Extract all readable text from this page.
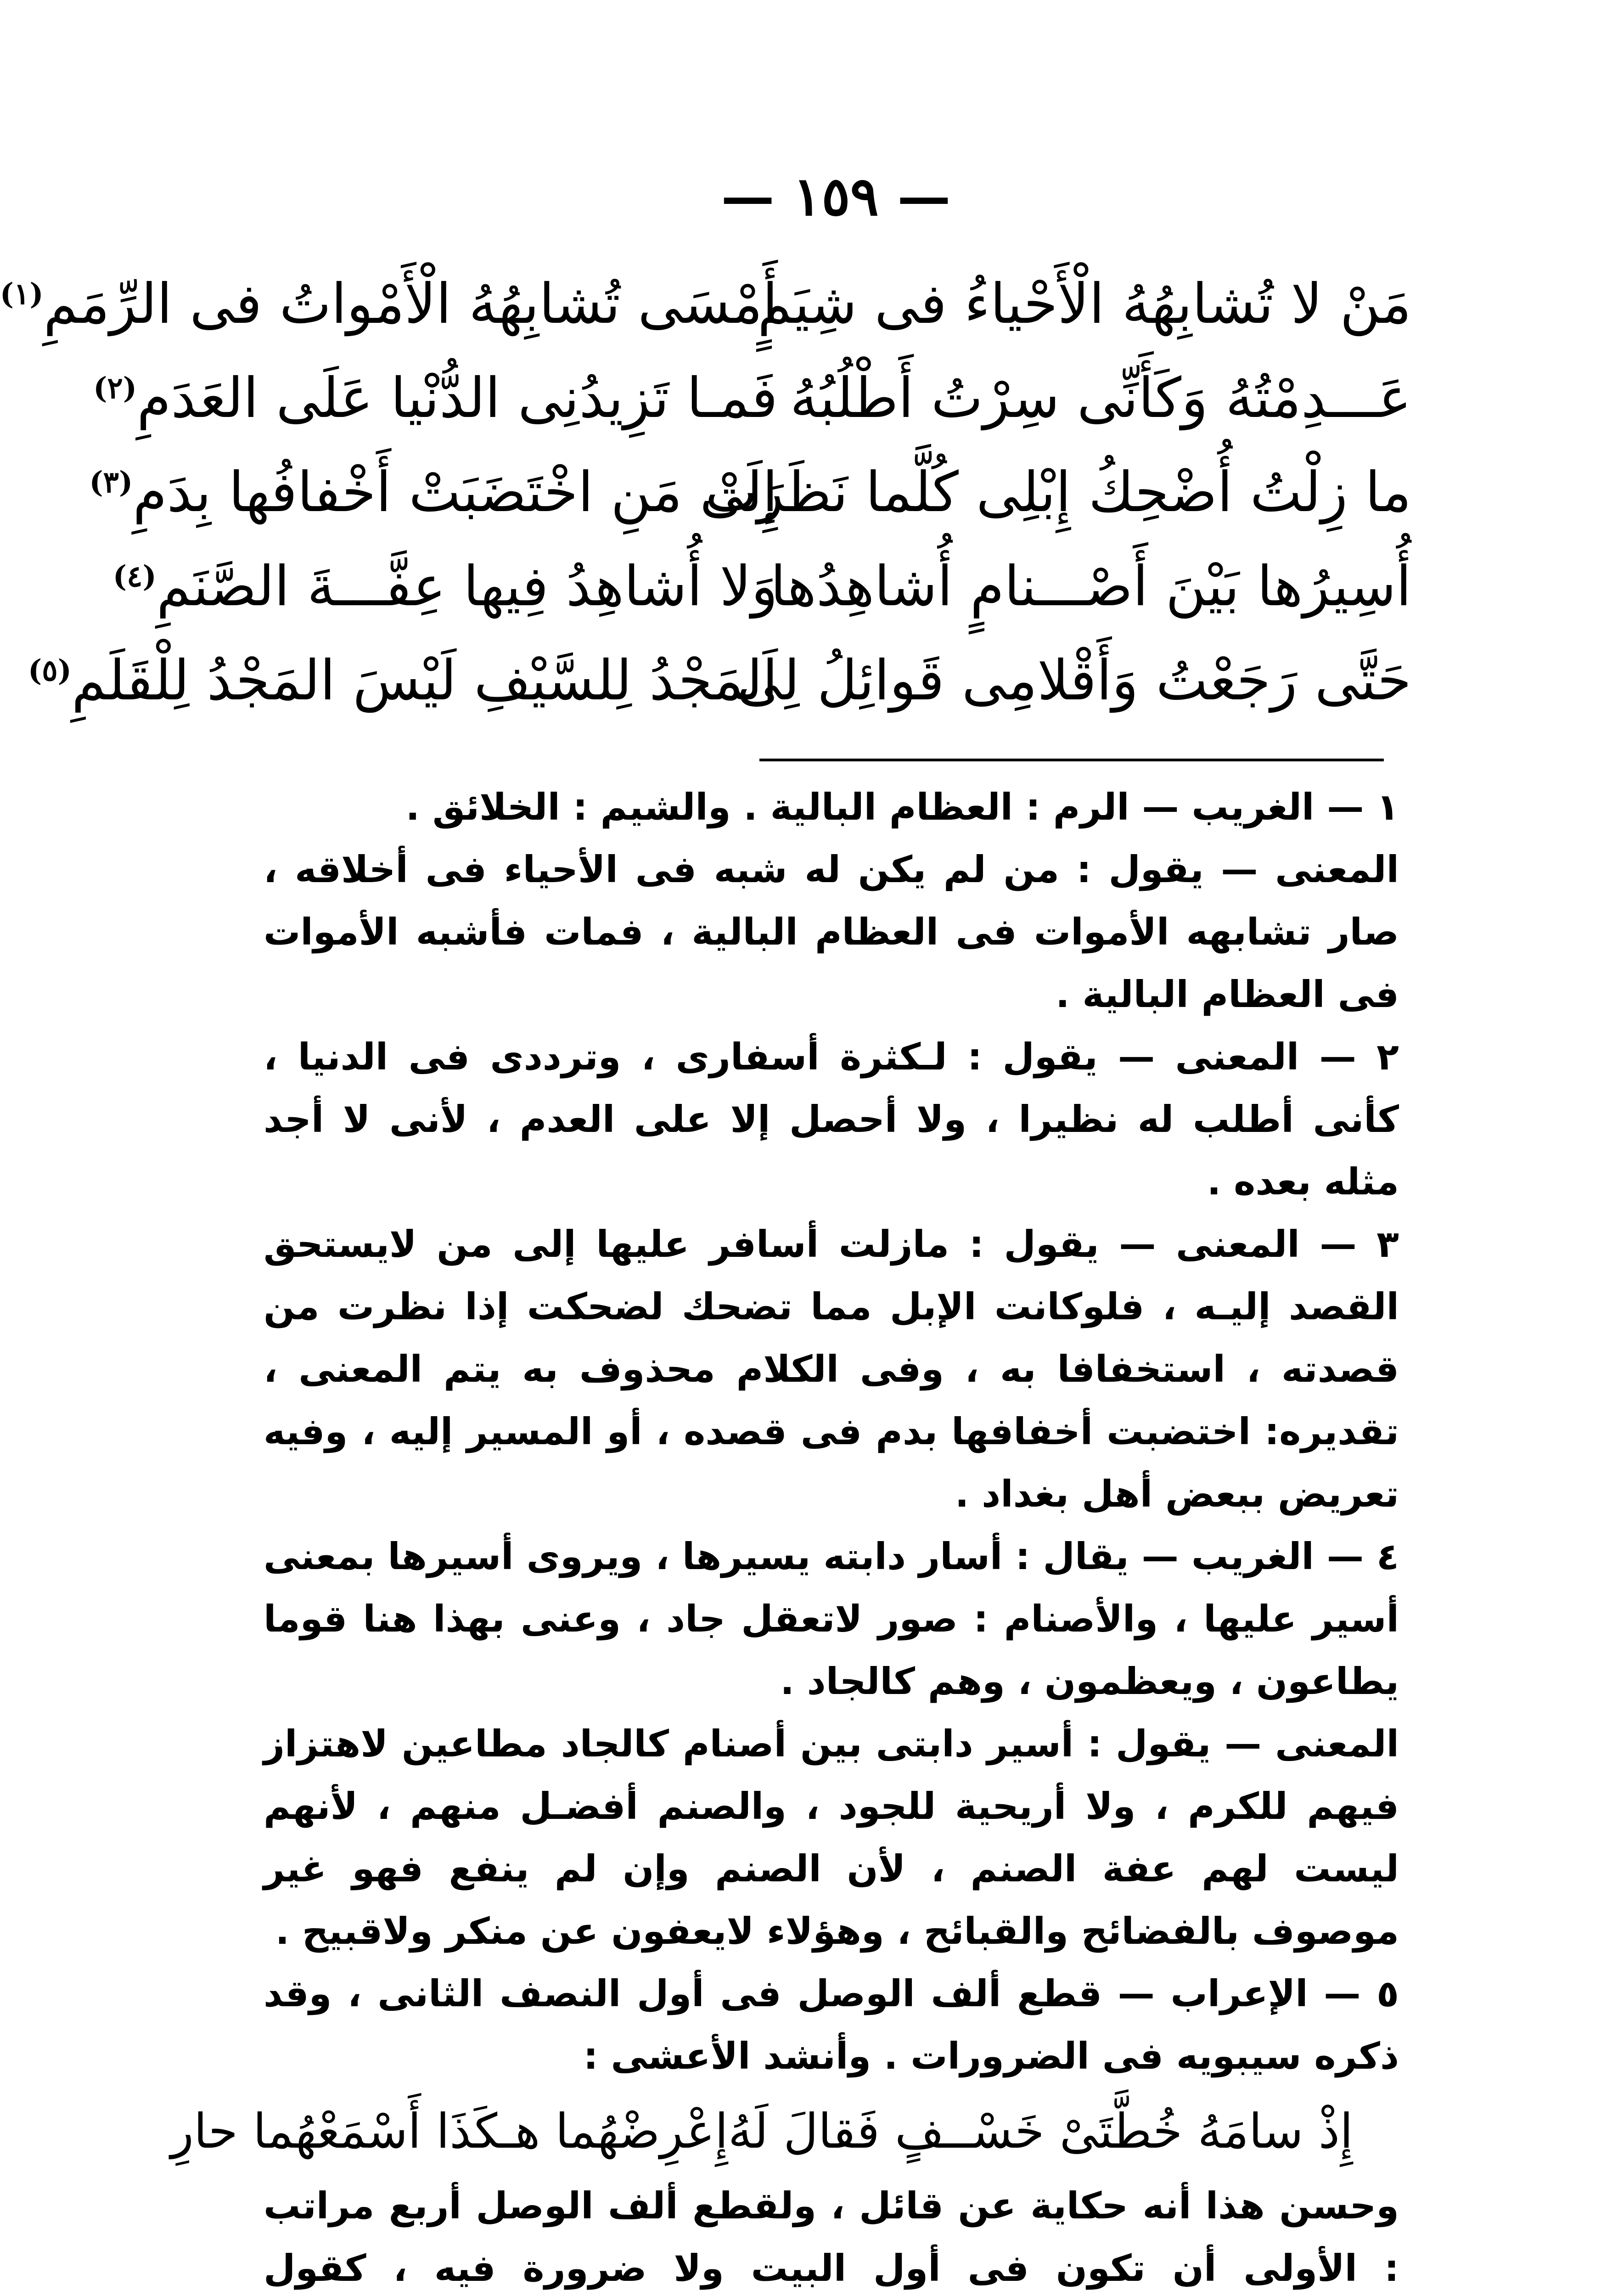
— ١٥٩ —
مَنْ لا تُشابِهُهُ الْأَحْياءُ فى شِيَمٍ
أَمْسَى تُشابِهُهُ الْأَمْواتُ فى الرِّمَمِ$^{(١)}$
عَـــدِمْتُهُ وَكَأَنِّى سِرْتُ أَطْلُبُهُ
فَمـا تَزِيدُنِى الدُّنْيا عَلَى العَدَمِ$^{(٢)}$
ما زِلْتُ أُضْحِكُ إِبْلِى كُلَّما نَظَرَتْ
إِلَى مَنِ اخْتَضَبَتْ أَخْفافُها بِدَمِ$^{(٣)}$
أُسِيرُها بَيْنَ أَصْـــنامٍ أُشاهِدُها
وَلا أُشاهِدُ فِيها عِفَّـــةَ الصَّنَمِ$^{(٤)}$
حَتَّى رَجَعْتُ وَأَقْلامِى قَوائِلُ لِى
اَلمَجْدُ لِلسَّيْفِ لَيْسَ المَجْدُ لِلْقَلَمِ$^{(٥)}$

١ — الغريب — الرم : العظام البالية . والشيم : الخلائق .

المعنى — يقول : من لم يكن له شبه فى الأحياء فى أخلاقه ، صار تشابهه الأموات فى العظام البالية ، فمات فأشبه الأموات فى العظام البالية .

٢ — المعنى — يقول : لـكثرة أسفارى ، وترددى فى الدنيا ، كأنى أطلب له نظيرا ، ولا أحصل إلا على العدم ، لأنى لا أجد مثله بعده .

٣ — المعنى — يقول : مازلت أسافر عليها إلى من لايستحق القصد إليـه ، فلوكانت الإبل مما تضحك لضحكت إذا نظرت من قصدته ، استخفافا به ، وفى الكلام محذوف به يتم المعنى ، تقديره: اختضبت أخفافها بدم فى قصده ، أو المسير إليه ، وفيه تعريض ببعض أهل بغداد .

٤ — الغريب — يقال : أسار دابته يسيرها ، ويروى أسيرها بمعنى أسير عليها ، والأصنام : صور لاتعقل جاد ، وعنى بهذا هنا قوما يطاعون ، ويعظمون ، وهم كالجاد .

المعنى — يقول : أسير دابتى بين أصنام كالجاد مطاعين لاهتزاز فيهم للكرم ، ولا أريحية للجود ، والصنم أفضـل منهم ، لأنهم ليست لهم عفة الصنم ، لأن الصنم وإن لم ينفع فهو غير موصوف بالفضائح والقبائح ، وهؤلاء لايعفون عن منكر ولاقبيح .

٥ — الإعراب — قطع ألف الوصل فى أول النصف الثانى ، وقد ذكره سيبويه فى الضرورات . وأنشد الأعشى :

إِذْ سامَهُ خُطَّتَىْ خَسْــفٍ فَقالَ لَهُ
إِعْرِضْهُما هـكَذَا أَسْمَعْهُما حارِ

وحسن هذا أنه حكاية عن قائل ، ولقطع ألف الوصل أربع مراتب : الأولى أن تكون فى أول البيت ولا ضرورة فيه ، كقول
